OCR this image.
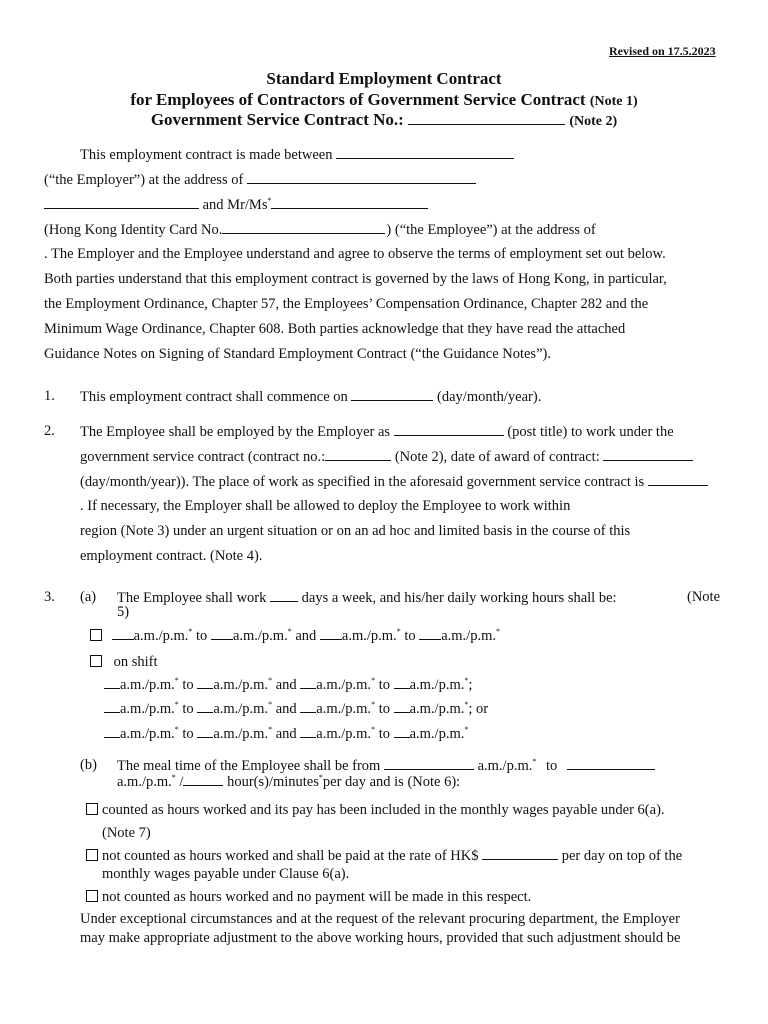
Revised on 17.5.2023
Standard Employment Contract
for Employees of Contractors of Government Service Contract (Note 1)
Government Service Contract No.:	(Note 2)
This employment contract is made between
(“the Employer”) at the address of
and Mr/Ms*
(Hong Kong Identity Card No.	) (“the Employee”) at the address of
. The Employer and the Employee understand and agree to observe the terms of employment set out below.
Both parties understand that this employment contract is governed by the laws of Hong Kong, in particular,
the Employment Ordinance, Chapter 57, the Employees’ Compensation Ordinance, Chapter 282 and the
Minimum Wage Ordinance, Chapter 608. Both parties acknowledge that they have read the attached
Guidance Notes on Signing of Standard Employment Contract (“the Guidance Notes”).
1. This employment contract shall commence on	(day/month/year).
2. The Employee shall be employed by the Employer as	(post title) to work under the
government service contract (contract no.:	(Note 2), date of award of contract:
(day/month/year)). The place of work as specified in the aforesaid government service contract is
. If necessary, the Employer shall be allowed to deploy the Employee to work within
region (Note 3) under an urgent situation or on an ad hoc and limited basis in the course of this
employment contract. (Note 4).
3. (a) The Employee shall work days a week, and his/her daily working hours shall be:	(Note
5)
a.m./p.m.* to a.m./p.m.* and a.m./p.m.* to a.m./p.m.*
on shift
a.m./p.m.* to a.m./p.m.* and a.m./p.m.* to a.m./p.m.*;
a.m./p.m.* to a.m./p.m.* and a.m./p.m.* to a.m./p.m.*; or
a.m./p.m.* to a.m./p.m.* and a.m./p.m.* to a.m./p.m.*
(b) The meal time of the Employee shall be from	a.m./p.m.* to
a.m./p.m.* /	hour(s)/minutes*per day and is (Note 6):
counted as hours worked and its pay has been included in the monthly wages payable under 6(a).
(Note 7)
not counted as hours worked and shall be paid at the rate of HK$	per day on top of the
monthly wages payable under Clause 6(a).
not counted as hours worked and no payment will be made in this respect.
Under exceptional circumstances and at the request of the relevant procuring department, the Employer
may make appropriate adjustment to the above working hours, provided that such adjustment should be
